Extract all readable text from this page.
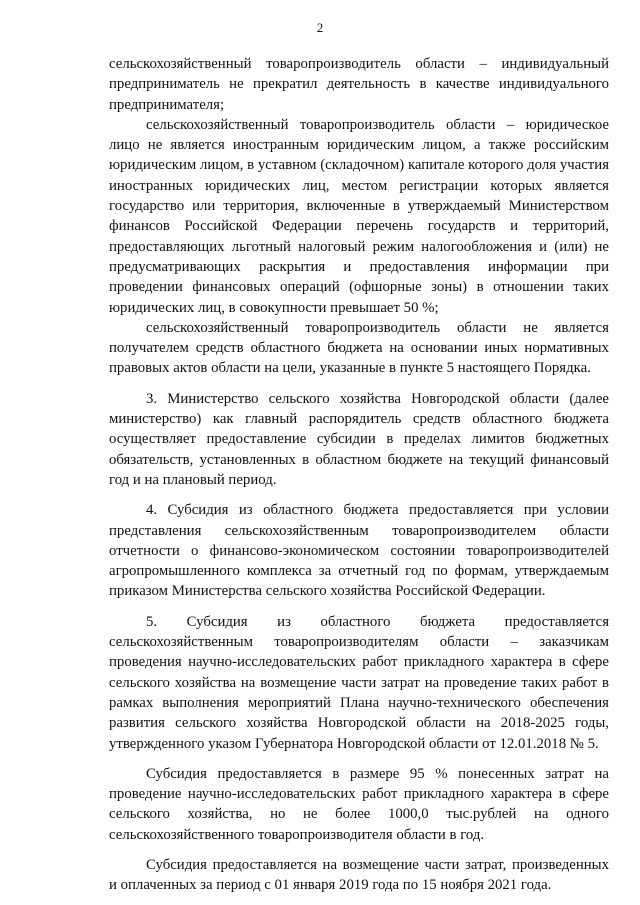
2

сельскохозяйственный товаропроизводитель области – индивидуальный предприниматель не прекратил деятельность в качестве индивидуального предпринимателя;

сельскохозяйственный товаропроизводитель области – юридическое лицо не является иностранным юридическим лицом, а также российским юридическим лицом, в уставном (складочном) капитале которого доля участия иностранных юридических лиц, местом регистрации которых является государство или территория, включенные в утверждаемый Министерством финансов Российской Федерации перечень государств и территорий, предоставляющих льготный налоговый режим налогообложения и (или) не предусматривающих раскрытия и предоставления информации при проведении финансовых операций (офшорные зоны) в отношении таких юридических лиц, в совокупности превышает 50 %;

сельскохозяйственный товаропроизводитель области не является получателем средств областного бюджета на основании иных нормативных правовых актов области на цели, указанные в пункте 5 настоящего Порядка.

3. Министерство сельского хозяйства Новгородской области (далее министерство) как главный распорядитель средств областного бюджета осуществляет предоставление субсидии в пределах лимитов бюджетных обязательств, установленных в областном бюджете на текущий финансовый год и на плановый период.

4. Субсидия из областного бюджета предоставляется при условии представления сельскохозяйственным товаропроизводителем области отчетности о финансово-экономическом состоянии товаропроизводителей агропромышленного комплекса за отчетный год по формам, утверждаемым приказом Министерства сельского хозяйства Российской Федерации.

5. Субсидия из областного бюджета предоставляется сельскохозяйственным товаропроизводителям области – заказчикам проведения научно-исследовательских работ прикладного характера в сфере сельского хозяйства на возмещение части затрат на проведение таких работ в рамках выполнения мероприятий Плана научно-технического обеспечения развития сельского хозяйства Новгородской области на 2018-2025 годы, утвержденного указом Губернатора Новгородской области от 12.01.2018 № 5.

Субсидия предоставляется в размере 95 % понесенных затрат на проведение научно-исследовательских работ прикладного характера в сфере сельского хозяйства, но не более 1000,0 тыс.рублей на одного сельскохозяйственного товаропроизводителя области в год.

Субсидия предоставляется на возмещение части затрат, произведенных и оплаченных за период с 01 января 2019 года по 15 ноября 2021 года.
